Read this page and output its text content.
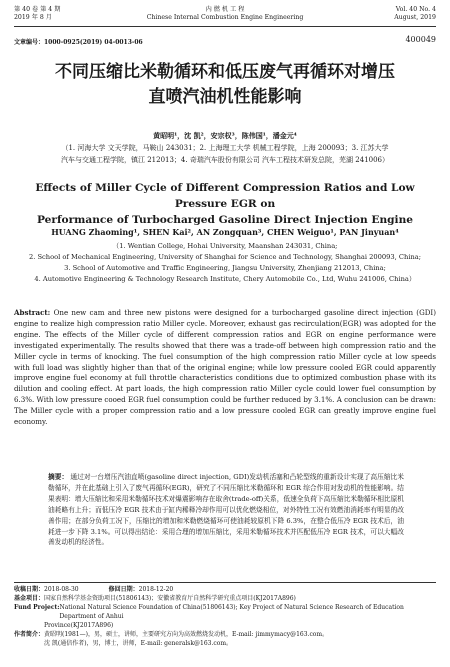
第 40 卷 第 4 期
2019 年 8 月
内 燃 机 工 程
Chinese Internal Combustion Engine Engineering
Vol. 40 No. 4
August, 2019
文章编号：1000-0925(2019) 04-0013-06	400049
不同压缩比米勒循环和低压废气再循环对增压
直喷汽油机性能影响
黄昭明¹，沈 凯²，安宗权³，陈伟国¹，潘金元⁴
（1. 河海大学 文天学院，马鞍山 243031；2. 上海理工大学 机械工程学院，上海 200093；3. 江苏大学
汽车与交通工程学院，镇江 212013；4. 奇瑞汽车股份有限公司 汽车工程技术研发总院，芜湖 241006）
Effects of Miller Cycle of Different Compression Ratios and Low Pressure EGR on
Performance of Turbocharged Gasoline Direct Injection Engine
HUANG Zhaoming¹, SHEN Kai², AN Zongquan³, CHEN Weiguo¹, PAN Jinyuan⁴
（1. Wentian College, Hohai University, Maanshan 243031, China;
2. School of Mechanical Engineering, University of Shanghai for Science and Technology, Shanghai 200093, China;
3. School of Automotive and Traffic Engineering, Jiangsu University, Zhenjiang 212013, China;
4. Automotive Engineering & Technology Research Institute, Chery Automobile Co., Ltd, Wuhu 241006, China）
Abstract: One new cam and three new pistons were designed for a turbocharged gasoline direct injection (GDI) engine to realize high compression ratio Miller cycle. Moreover, exhaust gas recirculation(EGR) was adopted for the engine. The effects of the Miller cycle of different compression ratios and EGR on engine performance were investigated experimentally. The results showed that there was a trade-off between high compression ratio and the Miller cycle in terms of knocking. The fuel consumption of the high compression ratio Miller cycle at low speeds with full load was slightly higher than that of the original engine; while low pressure cooled EGR could apparently improve engine fuel economy at full throttle characteristics conditions due to optimized combustion phase with its dilution and cooling effect. At part loads, the high compression ratio Miller cycle could lower fuel consumption by 6.3%. With low pressure cooed EGR fuel consumption could be further reduced by 3.1%. A conclusion can be drawn: The Miller cycle with a proper compression ratio and a low pressure cooled EGR can greatly improve engine fuel economy.
摘要： 通过对一台增压汽油直喷(gasoline direct injection, GDI)发动机活塞和凸轮型线的重新设计实现了高压缩比米勒循环，并在此基础上引入了废气再循环(EGR)，研究了不同压缩比米勒循环和 EGR 综合作用对发动机的性能影响。结果表明：增大压缩比和采用米勒循环技术对爆震影响存在取舍(trade-off)关系，低速全负荷下高压缩比米勒循环相比原机油耗略有上升；而低压冷 EGR 技术由于缸内稀释冷却作用可以优化燃烧相位，对外特性工况有效燃油消耗率有明显的改善作用；在部分负荷工况下，压缩比的增加和米勒燃烧循环可使油耗较原机下降 6.3%，在整合低压冷 EGR 技术后，油耗进一步下降 3.1%。可以得出结论：采用合理的增加压缩比，采用米勒循环技术并匹配低压冷 EGR 技术，可以大幅改善发动机的经济性。
收稿日期： 2018-08-30	修回日期： 2018-12-20
基金项目： 国家自然科学基金资助项目(51806143)；安徽省教育厅自然科学研究重点项目(KJ2017A896)
Fund Project: National Natural Science Foundation of China(51806143); Key Project of Natural Science Research of Education Department of Anhui
Province(KJ2017A896)
作者简介： 黄昭明(1981—)，男，硕士，讲师，主要研究方向为高效燃烧发动机，E-mail: jimmymacy@163.com。
沈 凯(通信作者)，男，博士，讲师，E-mail: generalsk@163.com。
